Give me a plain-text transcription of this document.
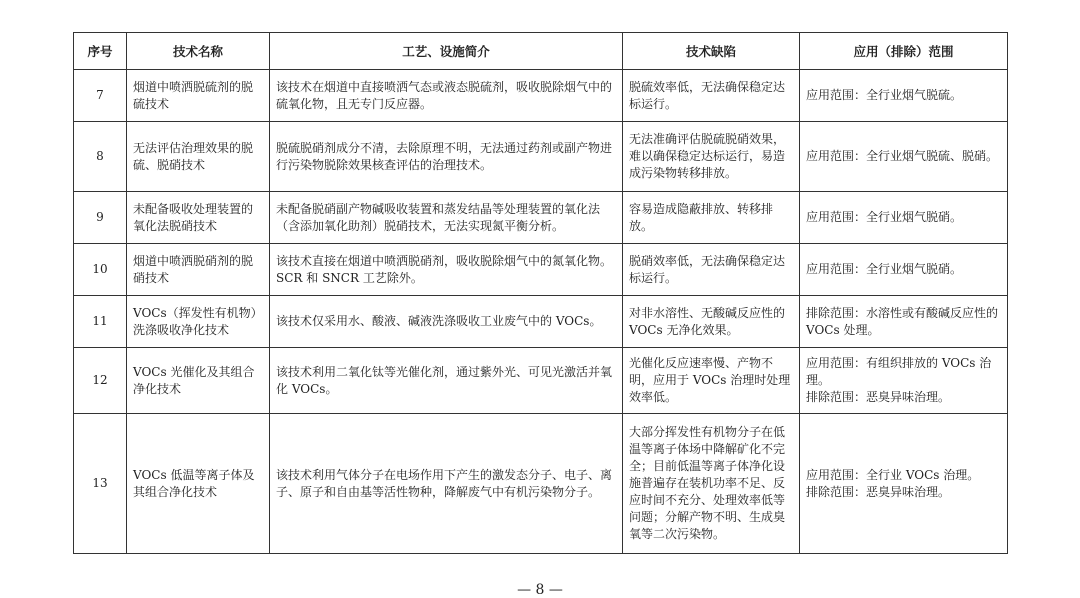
序号	技术名称	工艺、设施简介	技术缺陷	应用（排除）范围
7	烟道中喷洒脱硫剂的脱硫技术	该技术在烟道中直接喷洒气态或液态脱硫剂，吸收脱除烟气中的硫氧化物，且无专门反应器。	脱硫效率低，无法确保稳定达标运行。	应用范围：全行业烟气脱硫。

8	无法评估治理效果的脱硫、脱硝技术	脱硫脱硝剂成分不清，去除原理不明，无法通过药剂或副产物进行污染物脱除效果核查评估的治理技术。	无法准确评估脱硫脱硝效果，难以确保稳定达标运行，易造成污染物转移排放。	应用范围：全行业烟气脱硫、脱硝。

9	未配备吸收处理装置的氧化法脱硝技术	未配备脱硝副产物碱吸收装置和蒸发结晶等处理装置的氧化法（含添加氧化助剂）脱硝技术，无法实现氮平衡分析。	容易造成隐蔽排放、转移排放。	应用范围：全行业烟气脱硝。

10	烟道中喷洒脱硝剂的脱硝技术	该技术直接在烟道中喷洒脱硝剂，吸收脱除烟气中的氮氧化物。SCR 和 SNCR 工艺除外。	脱硝效率低，无法确保稳定达标运行。	应用范围：全行业烟气脱硝。

11	VOCs（挥发性有机物）洗涤吸收净化技术	该技术仅采用水、酸液、碱液洗涤吸收工业废气中的 VOCs。	对非水溶性、无酸碱反应性的 VOCs 无净化效果。	排除范围：水溶性或有酸碱反应性的 VOCs 处理。

12	VOCs 光催化及其组合净化技术	该技术利用二氧化钛等光催化剂，通过紫外光、可见光激活并氧化 VOCs。	光催化反应速率慢、产物不明，应用于 VOCs 治理时处理效率低。	应用范围：有组织排放的 VOCs 治理。
排除范围：恶臭异味治理。

13	VOCs 低温等离子体及其组合净化技术	该技术利用气体分子在电场作用下产生的激发态分子、电子、离子、原子和自由基等活性物种，降解废气中有机污染物分子。	大部分挥发性有机物分子在低温等离子体场中降解矿化不完全；目前低温等离子体净化设施普遍存在装机功率不足、反应时间不充分、处理效率低等问题；分解产物不明、生成臭氧等二次污染物。	应用范围：全行业 VOCs 治理。
排除范围：恶臭异味治理。
— 8 —
